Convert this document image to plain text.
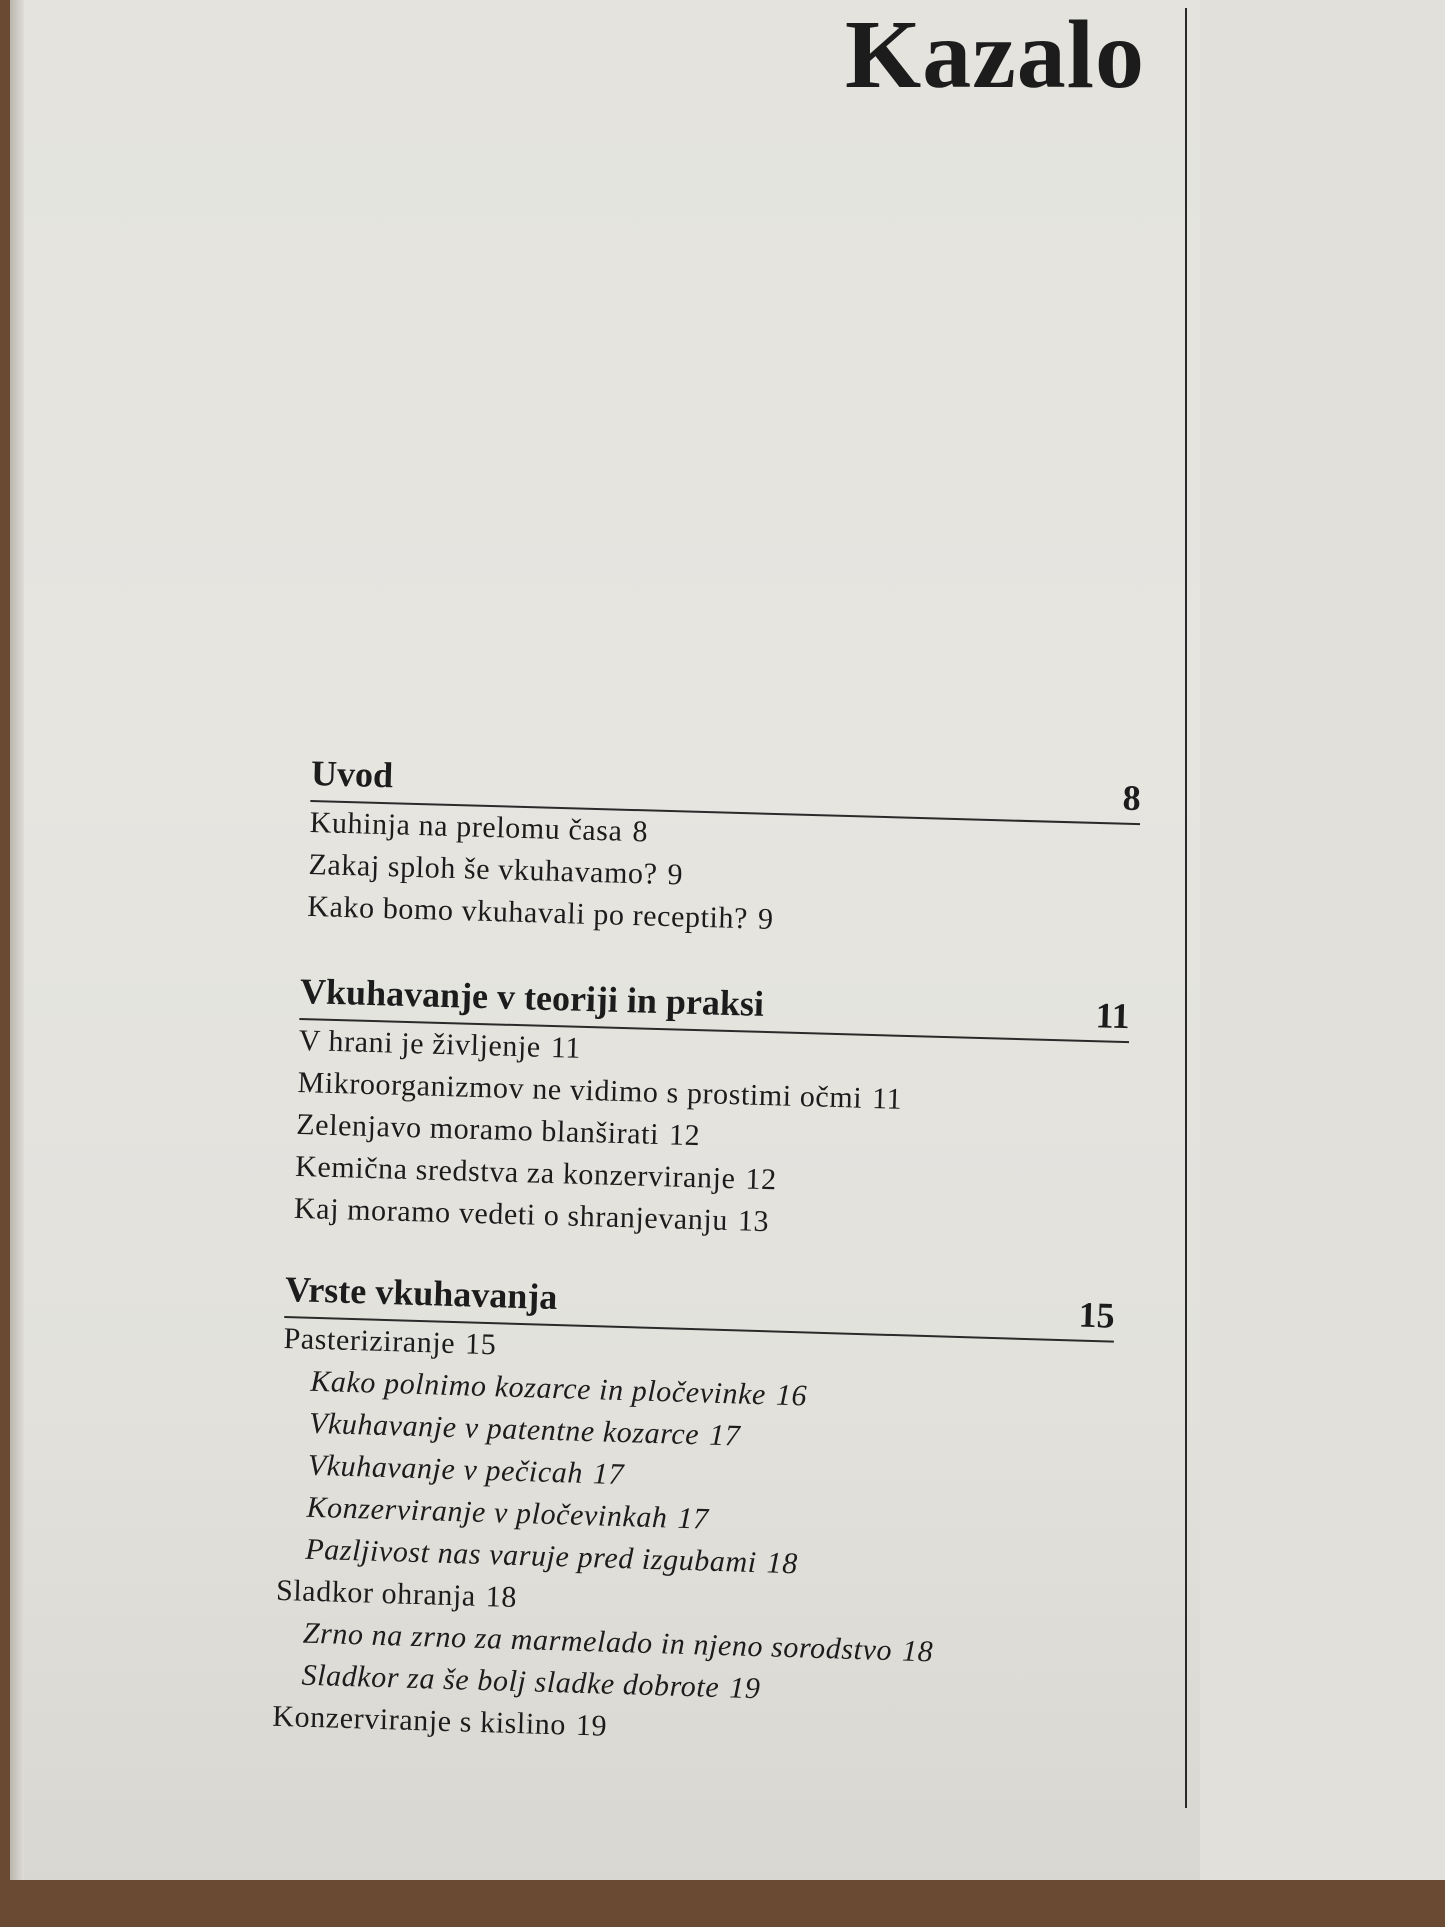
Kazalo
Uvod
8
Kuhinja na prelomu časa 8
Zakaj sploh še vkuhavamo? 9
Kako bomo vkuhavali po receptih? 9
Vkuhavanje v teoriji in praksi	11
V hrani je življenje 11
Mikroorganizmov ne vidimo s prostimi očmi 11
Zelenjavo moramo blanširati 12
Kemična sredstva za konzerviranje 12
Kaj moramo vedeti o shranjevanju 13
Vrste vkuhavanja	15
Pasteriziranje 15
Kako polnimo kozarce in pločevinke 16
Vkuhavanje v patentne kozarce 17
Vkuhavanje v pečicah 17
Konzerviranje v pločevinkah 17
Pazljivost nas varuje pred izgubami 18
Sladkor ohranja 18
Zrno na zrno za marmelado in njeno sorodstvo 18
Sladkor za še bolj sladke dobrote 19
Konzerviranje s kislino 19
